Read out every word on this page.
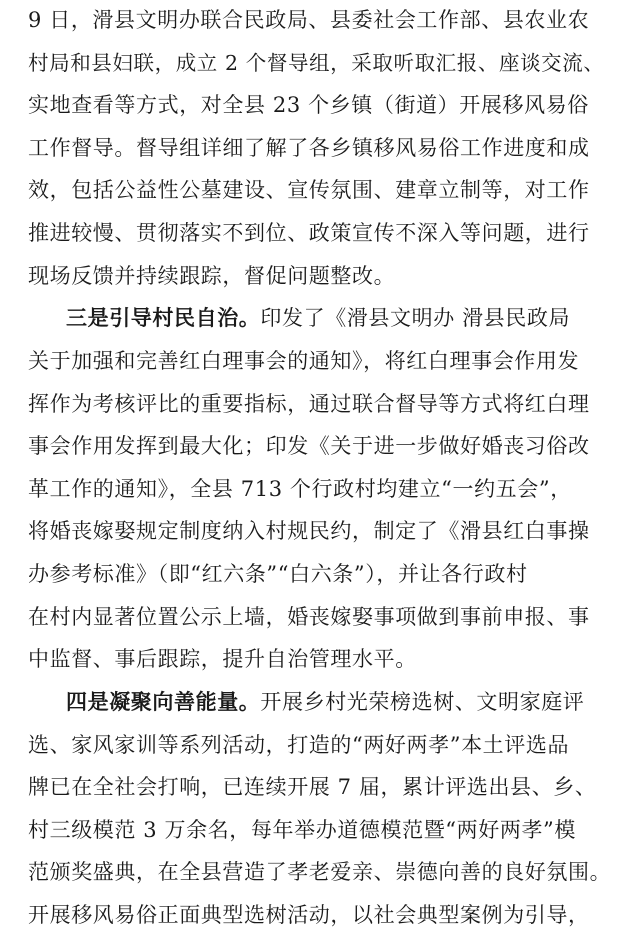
9 日，滑县文明办联合民政局、县委社会工作部、县农业农
村局和县妇联，成立 2 个督导组，采取听取汇报、座谈交流、
实地查看等方式，对全县 23 个乡镇（街道）开展移风易俗
工作督导。督导组详细了解了各乡镇移风易俗工作进度和成
效，包括公益性公墓建设、宣传氛围、建章立制等，对工作
推进较慢、贯彻落实不到位、政策宣传不深入等问题，进行
现场反馈并持续跟踪，督促问题整改。
三是引导村民自治。印发了《滑县文明办 滑县民政局
关于加强和完善红白理事会的通知》，将红白理事会作用发
挥作为考核评比的重要指标，通过联合督导等方式将红白理
事会作用发挥到最大化；印发《关于进一步做好婚丧习俗改
革工作的通知》，全县 713 个行政村均建立“一约五会”，
将婚丧嫁娶规定制度纳入村规民约，制定了《滑县红白事操
办参考标准》（即“红六条”“白六条”），并让各行政村
在村内显著位置公示上墙，婚丧嫁娶事项做到事前申报、事
中监督、事后跟踪，提升自治管理水平。
四是凝聚向善能量。开展乡村光荣榜选树、文明家庭评
选、家风家训等系列活动，打造的“两好两孝”本土评选品
牌已在全社会打响，已连续开展 7 届，累计评选出县、乡、
村三级模范 3 万余名，每年举办道德模范暨“两好两孝”模
范颁奖盛典，在全县营造了孝老爱亲、崇德向善的良好氛围。
开展移风易俗正面典型选树活动，以社会典型案例为引导，
